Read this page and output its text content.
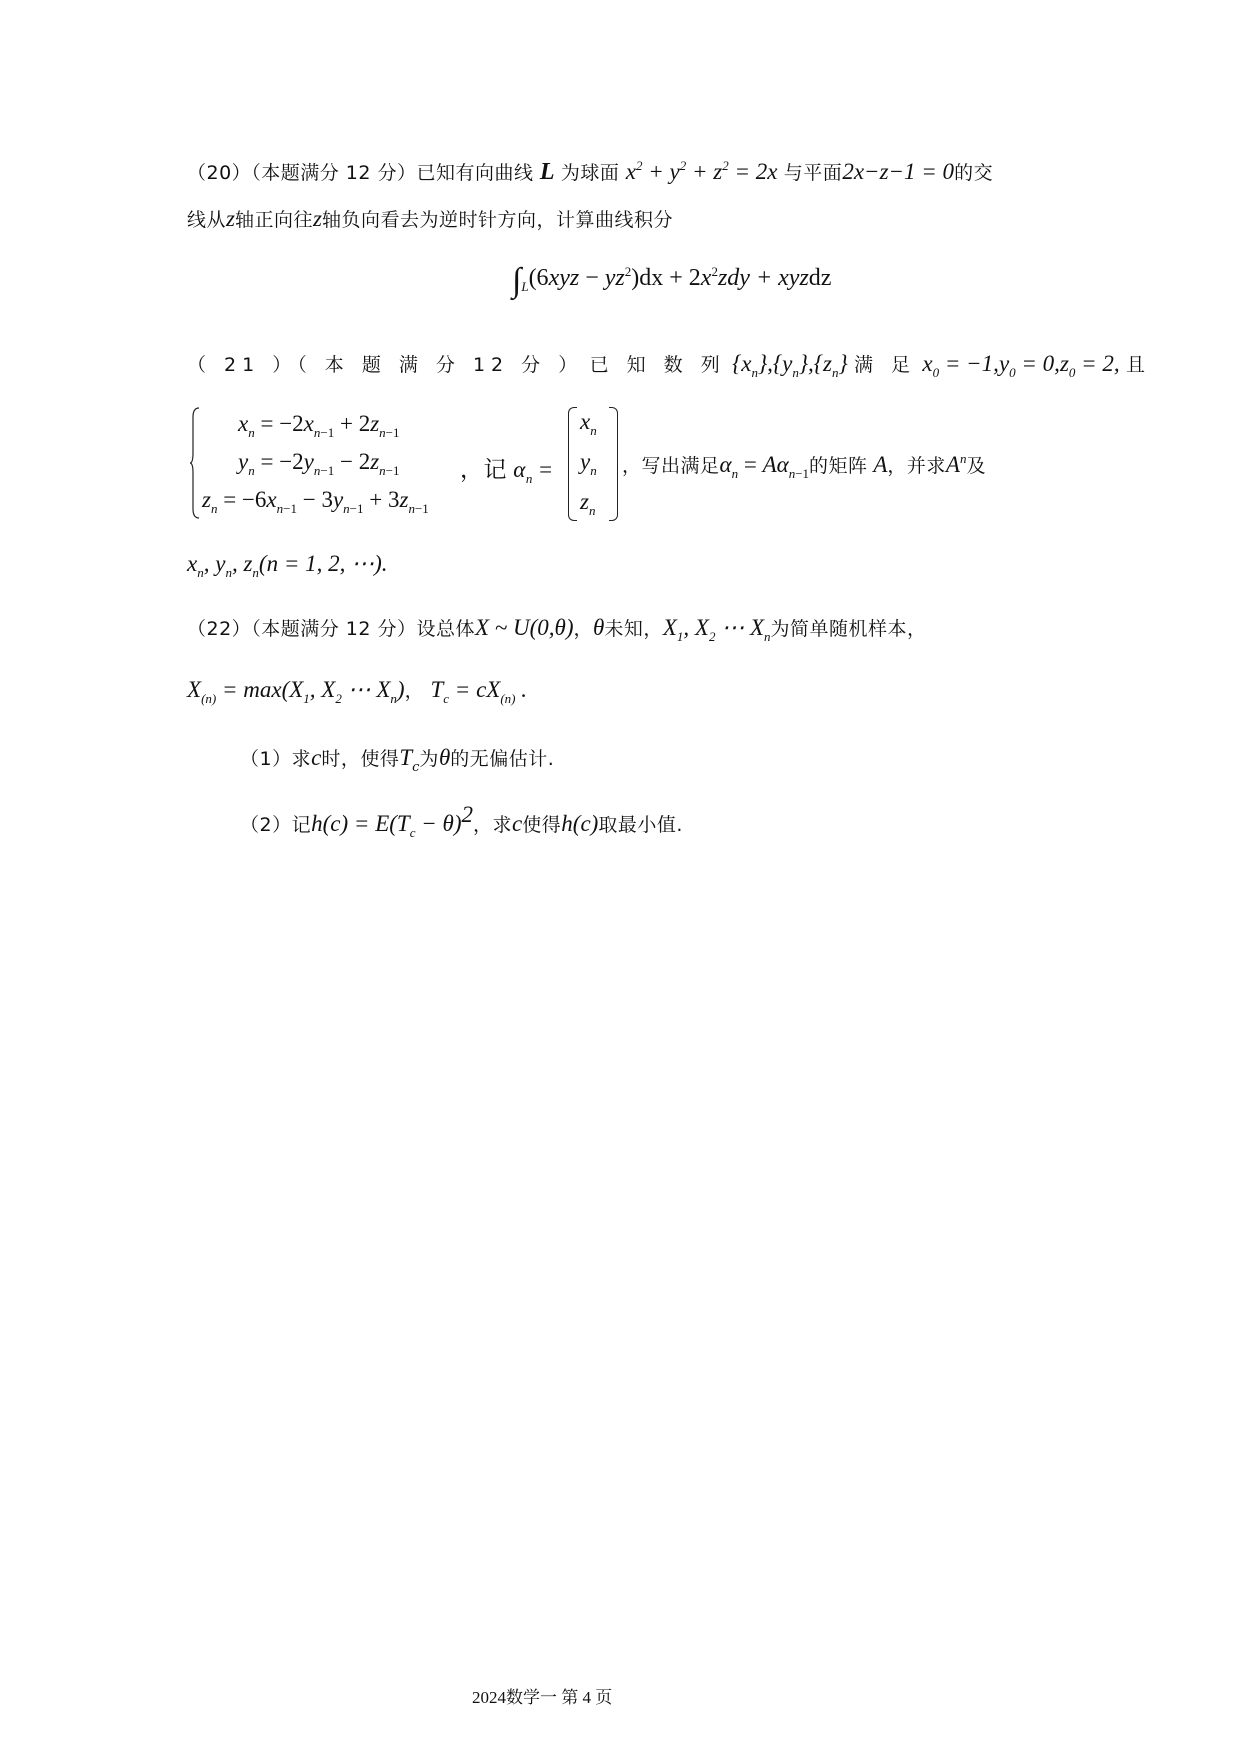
（20）（本题满分 12 分）已知有向曲线 L 为球面 $x^2 + y^2 + z^2 = 2x$ 与平面2x−z−1 = 0的交
线从z轴正向往z轴负向看去为逆时针方向，计算曲线积分
$\int_L(6xyz - yz^2)dx + 2x^2zdy$ + xyzdz
（ 21 ）（ 本 题 满 分 12 分 ） 已 知 数 列 $\{x_n\},\{y_n\},\{z_n\}$ 满 足 $x_0 = -1,y_0 = 0,z_0 = 2$, 且
$x_n = -2x_{n-1} + 2z_{n-1}$
$y_n = -2y_{n-1} - 2z_{n-1}$
$z_n = -6x_{n-1} - 3y_{n-1} + 3z_{n-1}$
，记 $\alpha_n$ =
$x_n$
$y_n$
$z_n$
，写出满足$\alpha_n = A\alpha_{n-1}$的矩阵 A，并求$A^n$及
$x_n$, $y_n$, $z_n(n = 1$, 2, ⋯).
（22）（本题满分 12 分）设总体X ~ U(0,θ)，θ未知，$X_1$, $X_2$ ⋯ $X_n$为简单随机样本，
$X_{(n)} = \max(X_1$, $X_2$ ⋯ $X_n$)， $T_c = cX_{(n)}$ .
（1）求c时，使得$T_c$为θ的无偏估计.
（2）记$h(c) = E(T_c - \theta)^2$，求c使得h(c)取最小值.
2024数学一 第 4 页
